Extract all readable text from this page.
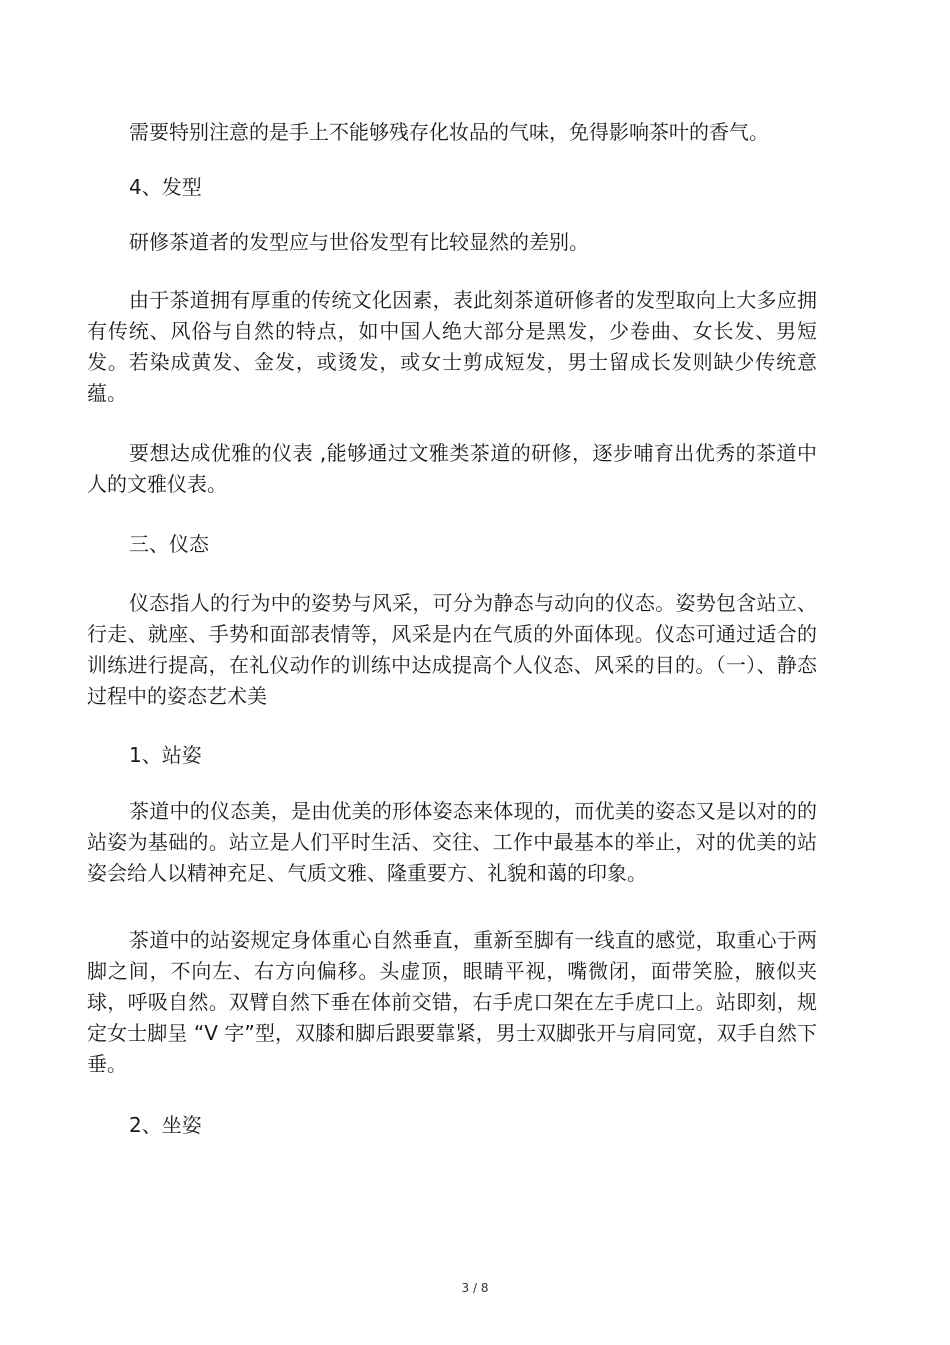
需要特别注意的是手上不能够残存化妆品的气味，免得影响茶叶的香气。

4、发型

研修茶道者的发型应与世俗发型有比较显然的差别。

由于茶道拥有厚重的传统文化因素，表此刻茶道研修者的发型取向上大多应拥有传统、风俗与自然的特点，如中国人绝大部分是黑发，少卷曲、女长发、男短发。若染成黄发、金发，或烫发，或女士剪成短发，男士留成长发则缺少传统意蕴。

要想达成优雅的仪表 ,能够通过文雅类茶道的研修，逐步哺育出优秀的茶道中人的文雅仪表。

三、仪态

仪态指人的行为中的姿势与风采，可分为静态与动向的仪态。姿势包含站立、行走、就座、手势和面部表情等，风采是内在气质的外面体现。仪态可通过适合的训练进行提高，在礼仪动作的训练中达成提高个人仪态、风采的目的。（一）、静态过程中的姿态艺术美

1、站姿

茶道中的仪态美，是由优美的形体姿态来体现的，而优美的姿态又是以对的的站姿为基础的。站立是人们平时生活、交往、工作中最基本的举止，对的优美的站姿会给人以精神充足、气质文雅、隆重要方、礼貌和蔼的印象。

茶道中的站姿规定身体重心自然垂直，重新至脚有一线直的感觉，取重心于两脚之间，不向左、右方向偏移。头虚顶，眼睛平视，嘴微闭，面带笑脸，腋似夹球，呼吸自然。双臂自然下垂在体前交错，右手虎口架在左手虎口上。站即刻，规定女士脚呈 “V 字”型，双膝和脚后跟要靠紧，男士双脚张开与肩同宽，双手自然下垂。

2、坐姿

3 / 8
